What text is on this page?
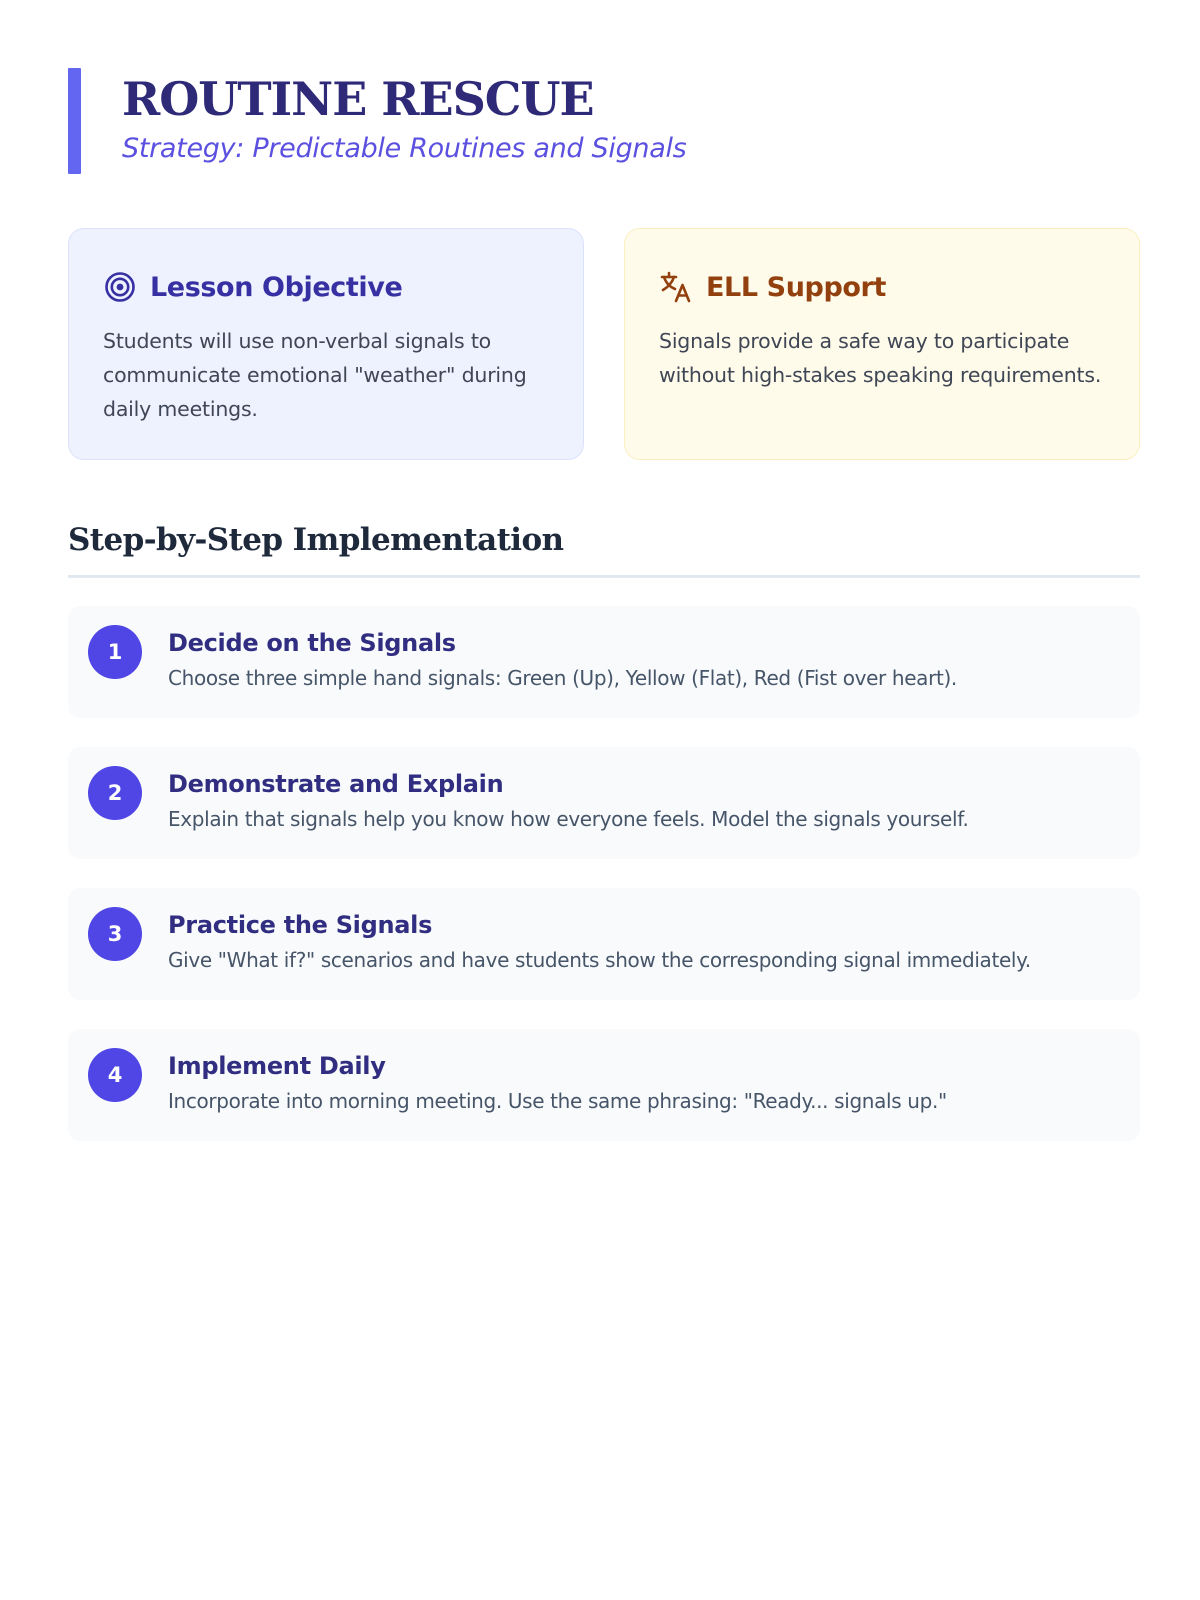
ROUTINE RESCUE
Strategy: Predictable Routines and Signals
Lesson Objective

Students will use non-verbal signals to communicate emotional "weather" during daily meetings.

ELL Support

Signals provide a safe way to participate without high-stakes speaking requirements.

Step-by-Step Implementation
1	Decide on the Signals
Choose three simple hand signals: Green (Up), Yellow (Flat), Red (Fist over heart).
2	Demonstrate and Explain
Explain that signals help you know how everyone feels. Model the signals yourself.
3	Practice the Signals
Give "What if?" scenarios and have students show the corresponding signal immediately.
4	Implement Daily
Incorporate into morning meeting. Use the same phrasing: "Ready... signals up."
